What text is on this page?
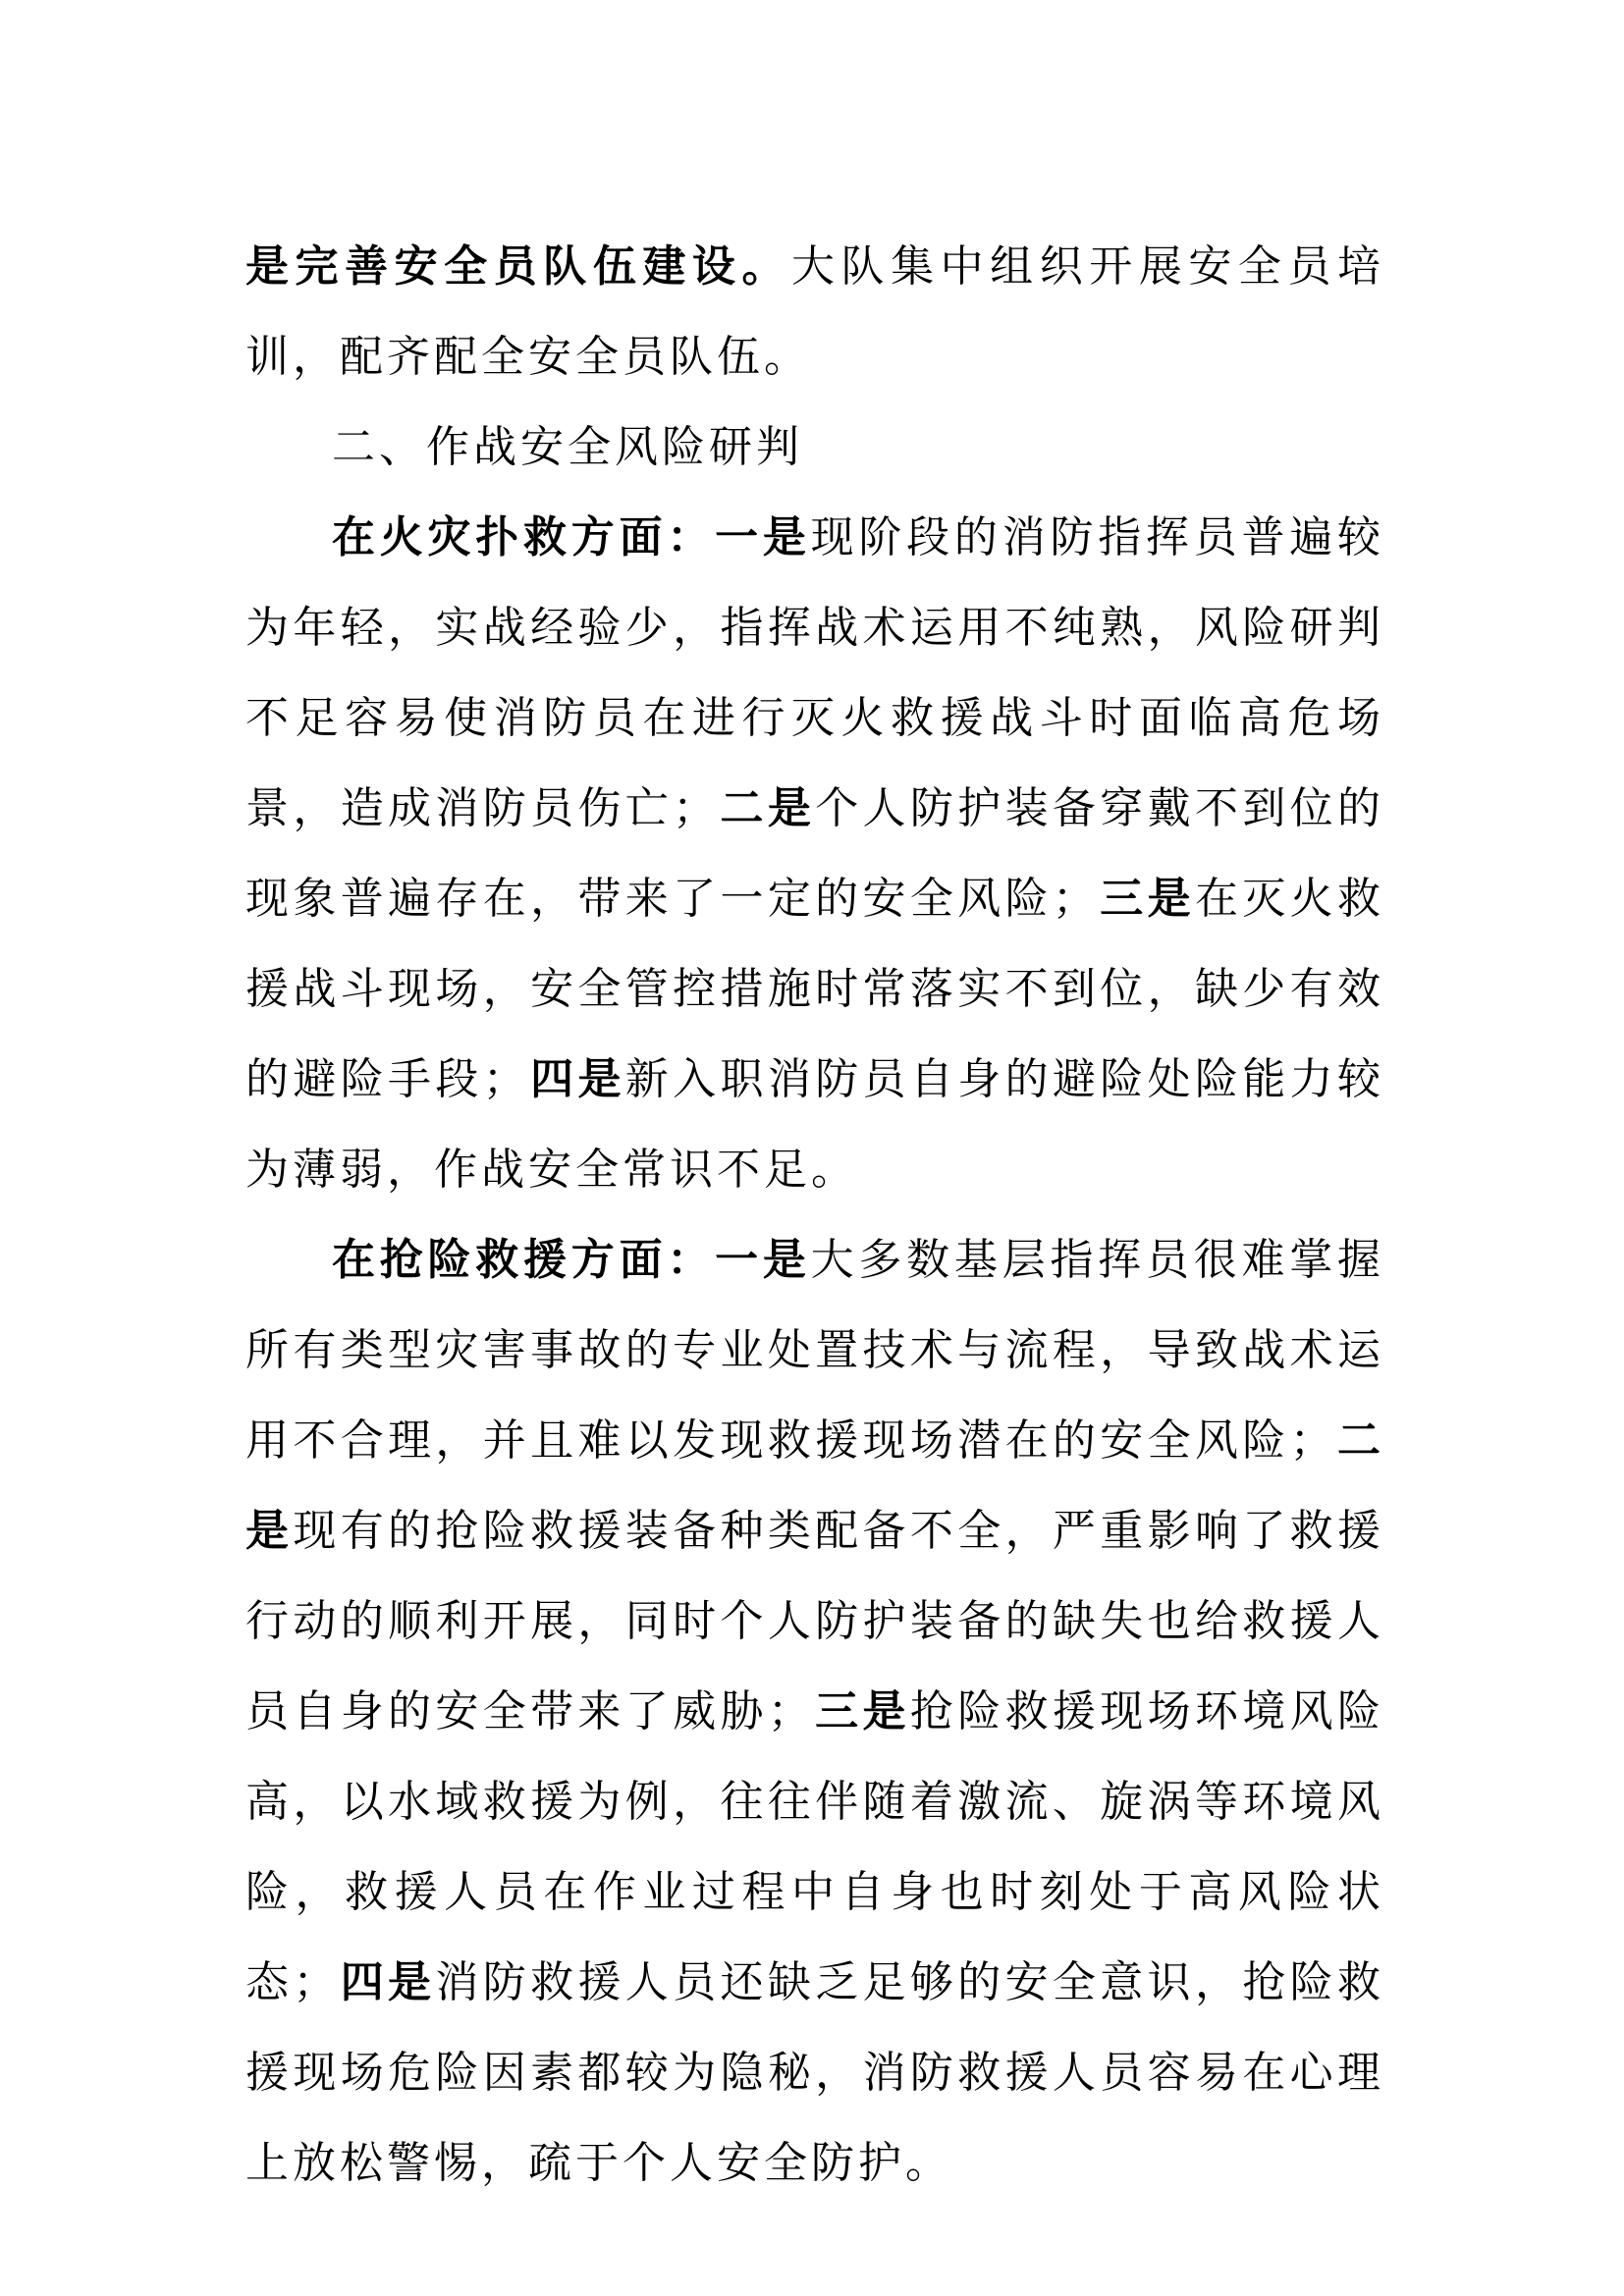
是完善安全员队伍建设。大队集中组织开展安全员培训，配齐配全安全员队伍。

二、作战安全风险研判

在火灾扑救方面：一是现阶段的消防指挥员普遍较为年轻，实战经验少，指挥战术运用不纯熟，风险研判不足容易使消防员在进行灭火救援战斗时面临高危场景，造成消防员伤亡；二是个人防护装备穿戴不到位的现象普遍存在，带来了一定的安全风险；三是在灭火救援战斗现场，安全管控措施时常落实不到位，缺少有效的避险手段；四是新入职消防员自身的避险处险能力较为薄弱，作战安全常识不足。

在抢险救援方面：一是大多数基层指挥员很难掌握所有类型灾害事故的专业处置技术与流程，导致战术运用不合理，并且难以发现救援现场潜在的安全风险；二是现有的抢险救援装备种类配备不全，严重影响了救援行动的顺利开展，同时个人防护装备的缺失也给救援人员自身的安全带来了威胁；三是抢险救援现场环境风险高，以水域救援为例，往往伴随着激流、旋涡等环境风险，救援人员在作业过程中自身也时刻处于高风险状态；四是消防救援人员还缺乏足够的安全意识，抢险救援现场危险因素都较为隐秘，消防救援人员容易在心理上放松警惕，疏于个人安全防护。
